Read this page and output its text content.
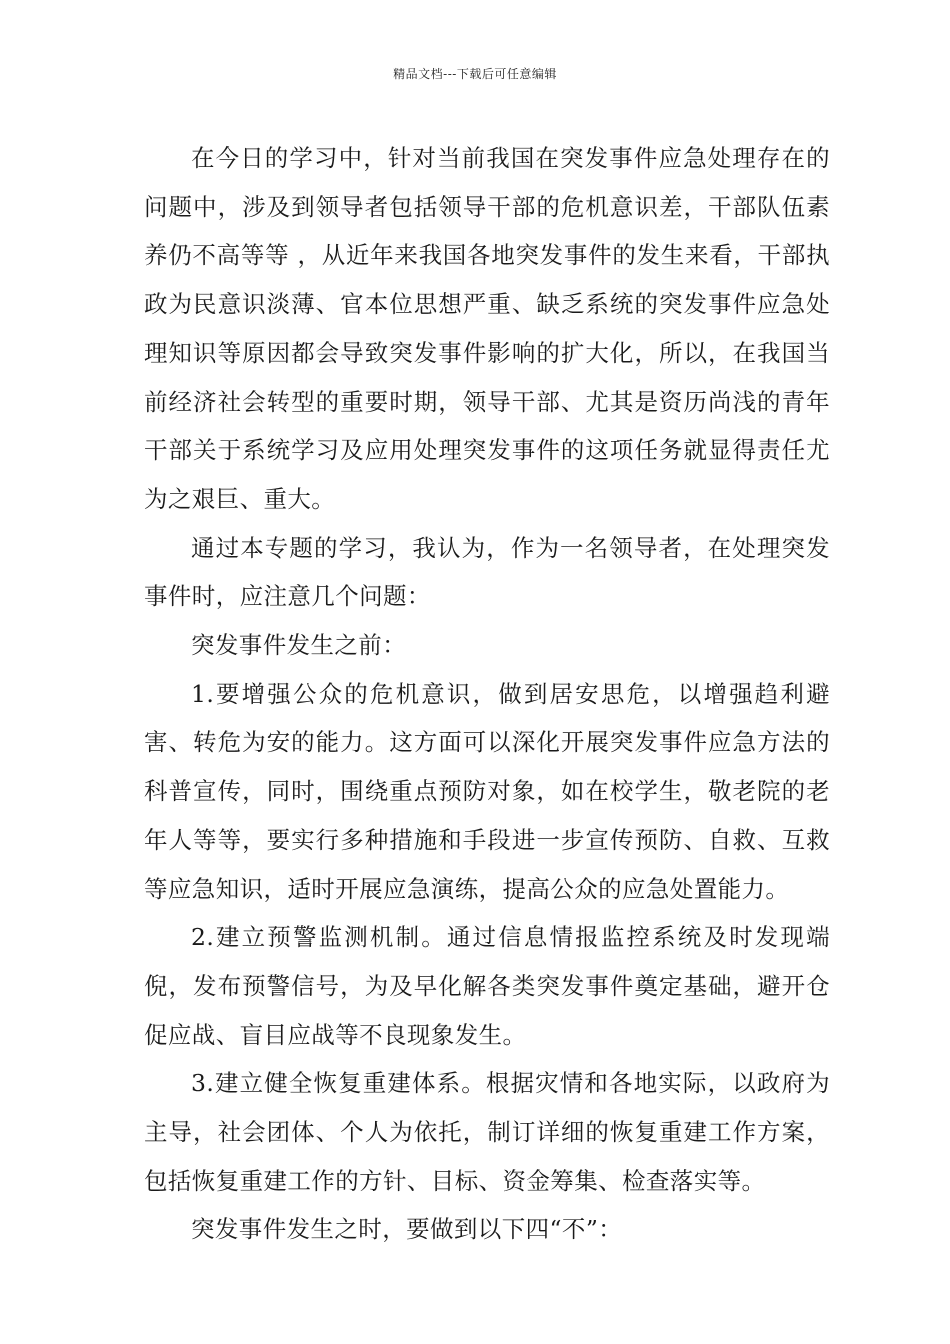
精品文档---下载后可任意编辑

在今日的学习中，针对当前我国在突发事件应急处理存在的问题中，涉及到领导者包括领导干部的危机意识差，干部队伍素养仍不高等等 ，从近年来我国各地突发事件的发生来看，干部执政为民意识淡薄、官本位思想严重、缺乏系统的突发事件应急处理知识等原因都会导致突发事件影响的扩大化，所以，在我国当前经济社会转型的重要时期，领导干部、尤其是资历尚浅的青年干部关于系统学习及应用处理突发事件的这项任务就显得责任尤为之艰巨、重大。

通过本专题的学习，我认为，作为一名领导者，在处理突发事件时，应注意几个问题：

突发事件发生之前：

1.要增强公众的危机意识，做到居安思危，以增强趋利避害、转危为安的能力。这方面可以深化开展突发事件应急方法的科普宣传，同时，围绕重点预防对象，如在校学生，敬老院的老年人等等，要实行多种措施和手段进一步宣传预防、自救、互救等应急知识，适时开展应急演练，提高公众的应急处置能力。

2.建立预警监测机制。通过信息情报监控系统及时发现端倪，发布预警信号，为及早化解各类突发事件奠定基础，避开仓促应战、盲目应战等不良现象发生。

3.建立健全恢复重建体系。根据灾情和各地实际，以政府为主导，社会团体、个人为依托，制订详细的恢复重建工作方案，包括恢复重建工作的方针、目标、资金筹集、检查落实等。

突发事件发生之时，要做到以下四“不”：
